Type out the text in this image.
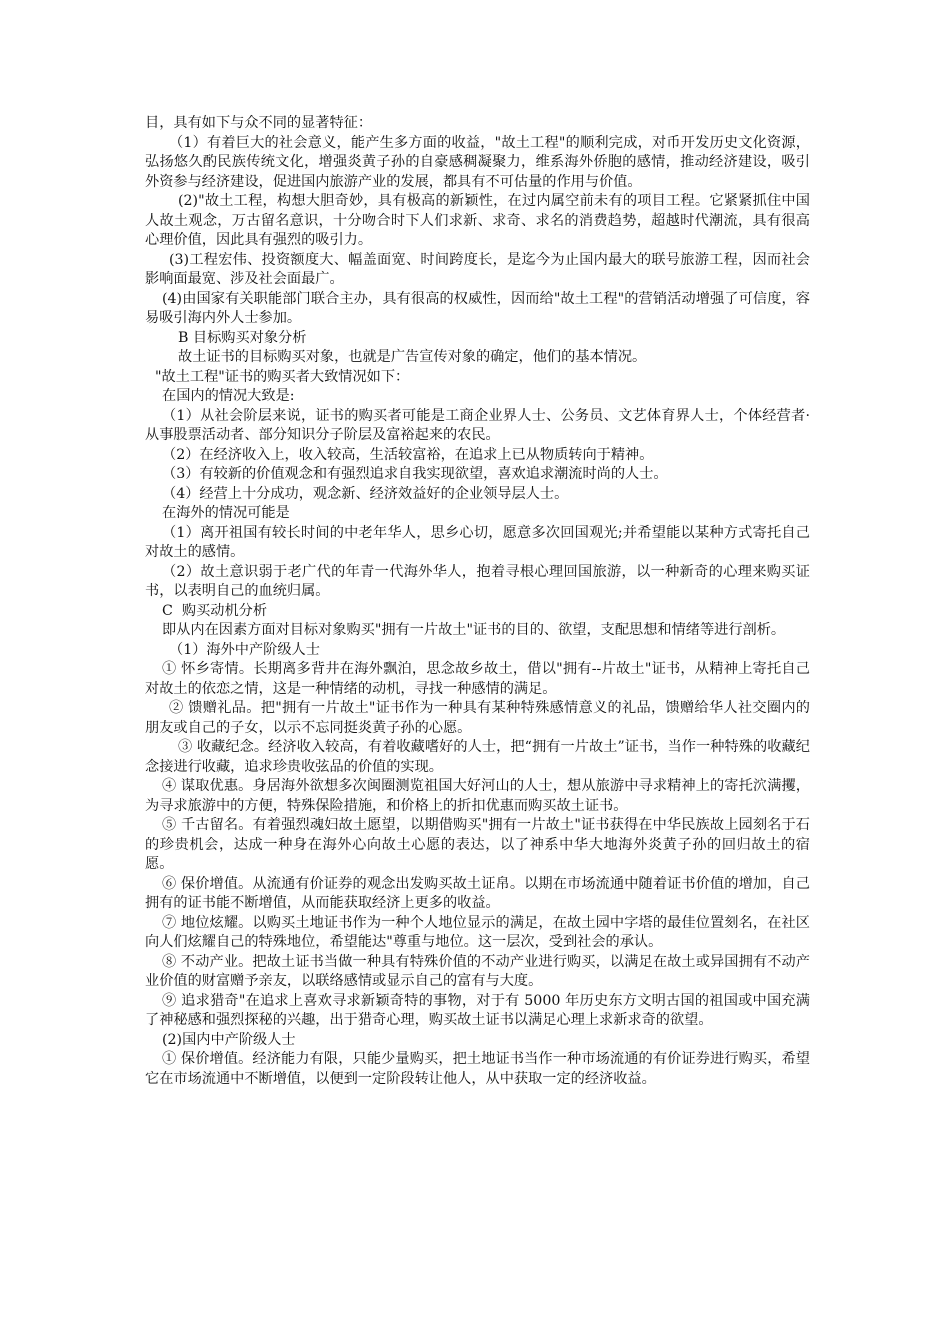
目，具有如下与众不同的显著特征：

（1）有着巨大的社会意义，能产生多方面的收益，"故土工程"的顺利完成，对币开发历史文化资源，弘扬悠久酌民族传统文化，增强炎黄子孙的自豪感稠凝聚力，维系海外侨胞的感情，推动经济建设，吸引外资参与经济建设，促进国内旅游产业的发展，都具有不可估量的作用与价值。

(2)"故土工程，构想大胆奇妙，具有极高的新颖性，在过内属空前未有的项目工程。它紧紧抓住中国人故土观念，万古留名意识，十分吻合时下人们求新、求奇、求名的消费趋势，超越时代潮流，具有很高心理价值，因此具有强烈的吸引力。

(3)工程宏伟、投资额度大、幅盖面宽、时间跨度长，是迄今为止国内最大的联号旅游工程，因而社会影响面最宽、涉及社会面最广。

(4)由国家有关职能部门联合主办，具有很高的权威性，因而给"故土工程"的营销活动增强了可信度，容易吸引海内外人士参加。

B 目标购买对象分析

故土证书的目标购买对象，也就是广告宣传对象的确定，他们的基本情况。

"故土工程"证书的购买者大致情况如下：

在国内的情况大致是:

（1）从社会阶层来说，证书的购买者可能是工商企业界人士、公务员、文艺体育界人士，个体经营者·从事股票活动者、部分知识分子阶层及富裕起来的农民。

（2）在经济收入上，收入较高，生活较富裕，在追求上已从物质转向于精神。

（3）有较新的价值观念和有强烈追求自我实现欲望，喜欢追求潮流时尚的人士。

（4）经营上十分成功，观念新、经济效益好的企业领导层人士。

在海外的情况可能是

（1）离开祖国有较长时间的中老年华人，思乡心切，愿意多次回国观光;并希望能以某种方式寄托自己对故土的感情。

（2）故土意识弱于老广代的年青一代海外华人，抱着寻根心理回国旅游，以一种新奇的心理来购买证书，以表明自己的血统归属。

C  购买动机分析

即从内在因素方面对目标对象购买"拥有一片故土"证书的目的、欲望，支配思想和情绪等进行剖析。

（1）海外中产阶级人士

① 怀乡寄情。长期离多背井在海外飘泊，思念故乡故土，借以"拥有--片故土"证书，从精神上寄托自己对故土的依恋之情，这是一种情绪的动机，寻找一种感情的满足。

② 馈赠礼品。把"拥有一片故土"证书作为一种具有某种特殊感情意义的礼品，馈赠给华人社交圈内的朋友或自己的子女，以示不忘同挺炎黄子孙的心愿。

③ 收藏纪念。经济收入较高，有着收藏嗜好的人士，把“拥有一片故土”证书，当作一种特殊的收藏纪念接进行收藏，追求珍贵收弦品的价值的实现。

④ 谋取优惠。身居海外欲想多次闽圈测览祖国大好河山的人士，想从旅游中寻求精神上的寄托泬满攫，为寻求旅游中的方便，特殊保险措施，和价格上的折扣优惠而购买故土证书。

⑤ 千古留名。有着强烈魂妇故土愿望，以期借购买"拥有一片故土"证书获得在中华民族故上园刻名于石的珍贵机会，达成一种身在海外心向故土心愿的表达，以了神系中华大地海外炎黄子孙的回归故土的宿愿。

⑥ 保价增值。从流通有价证券的观念出发购买故土证帛。以期在市场流通中随着证书价值的增加，自己拥有的证书能不断增值，从而能获取经济上更多的收益。

⑦ 地位炫耀。以购买土地证书作为一种个人地位显示的满足，在故土园中字塔的最佳位置刻名，在社区向人们炫耀自己的特殊地位，希望能达"尊重与地位。这一层次，受到社会的承认。

⑧ 不动产业。把故土证书当做一种具有特殊价值的不动产业进行购买，以满足在故土或异国拥有不动产业价值的财富赠予亲友，以联络感情或显示自己的富有与大度。

⑨ 追求猎奇"在追求上喜欢寻求新颖奇特的事物，对于有 5000 年历史东方文明古国的祖国或中国充满了神秘感和强烈探秘的兴趣，出于猎奇心理，购买故土证书以满足心理上求新求奇的欲望。

(2)国内中产阶级人士

① 保价增值。经济能力有限，只能少量购买，把土地证书当作一种市场流通的有价证券进行购买，希望它在市场流通中不断增值，以便到一定阶段转让他人，从中获取一定的经济收益。
